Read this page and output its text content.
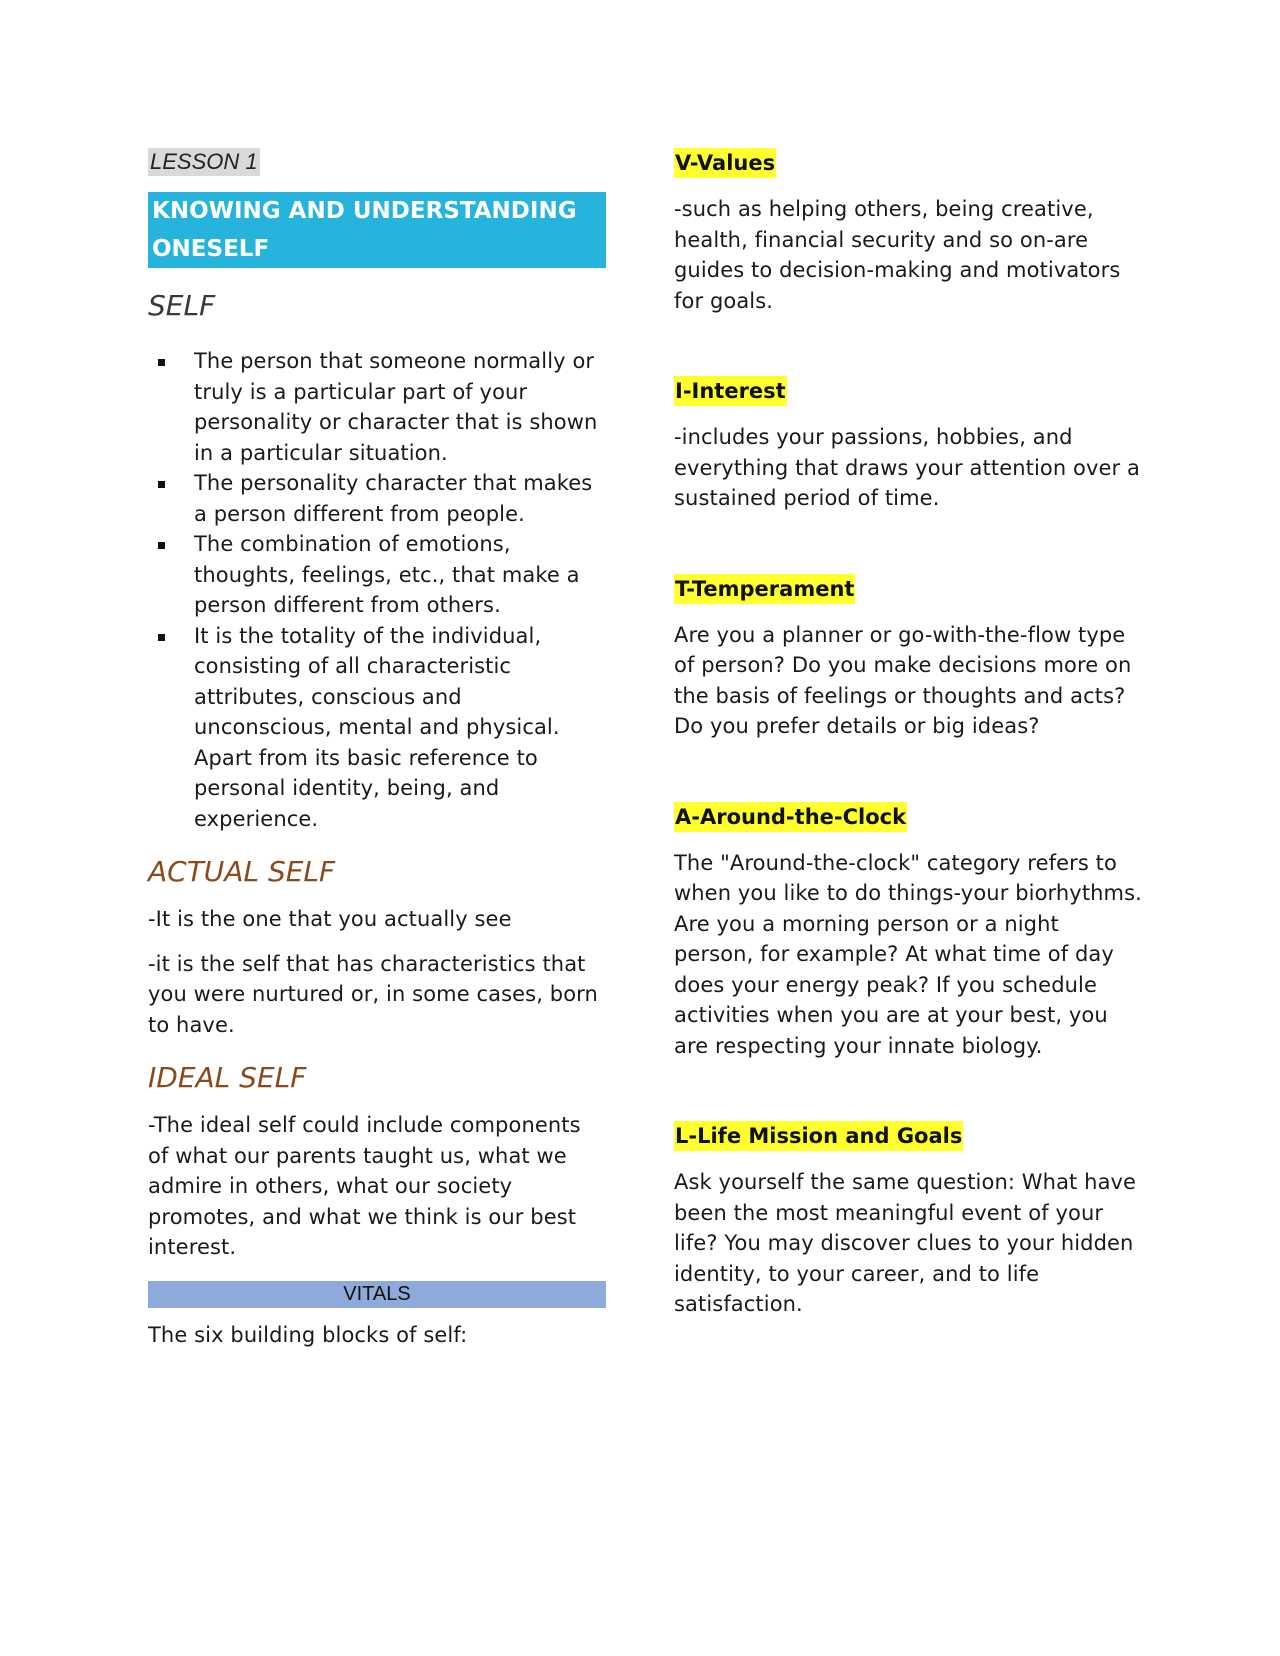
LESSON 1
KNOWING AND UNDERSTANDING
ONESELF
SELF
The person that someone normally or truly is a particular part of your personality or character that is shown in a particular situation.
The personality character that makes a person different from people.
The combination of emotions, thoughts, feelings, etc., that make a person different from others.
It is the totality of the individual, consisting of all characteristic attributes, conscious and unconscious, mental and physical. Apart from its basic reference to personal identity, being, and experience.
ACTUAL SELF

-It is the one that you actually see

-it is the self that has characteristics that you were nurtured or, in some cases, born to have.

IDEAL SELF

-The ideal self could include components of what our parents taught us, what we admire in others, what our society promotes, and what we think is our best interest.

VITALS

The six building blocks of self:

V-Values

-such as helping others, being creative, health, financial security and so on-are guides to decision-making and motivators for goals.

I-Interest

-includes your passions, hobbies, and everything that draws your attention over a sustained period of time.

T-Temperament

Are you a planner or go-with-the-flow type of person? Do you make decisions more on the basis of feelings or thoughts and acts? Do you prefer details or big ideas?

A-Around-the-Clock

The "Around-the-clock" category refers to when you like to do things-your biorhythms. Are you a morning person or a night person, for example? At what time of day does your energy peak? If you schedule activities when you are at your best, you are respecting your innate biology.

L-Life Mission and Goals

Ask yourself the same question: What have been the most meaningful event of your life? You may discover clues to your hidden identity, to your career, and to life satisfaction.
